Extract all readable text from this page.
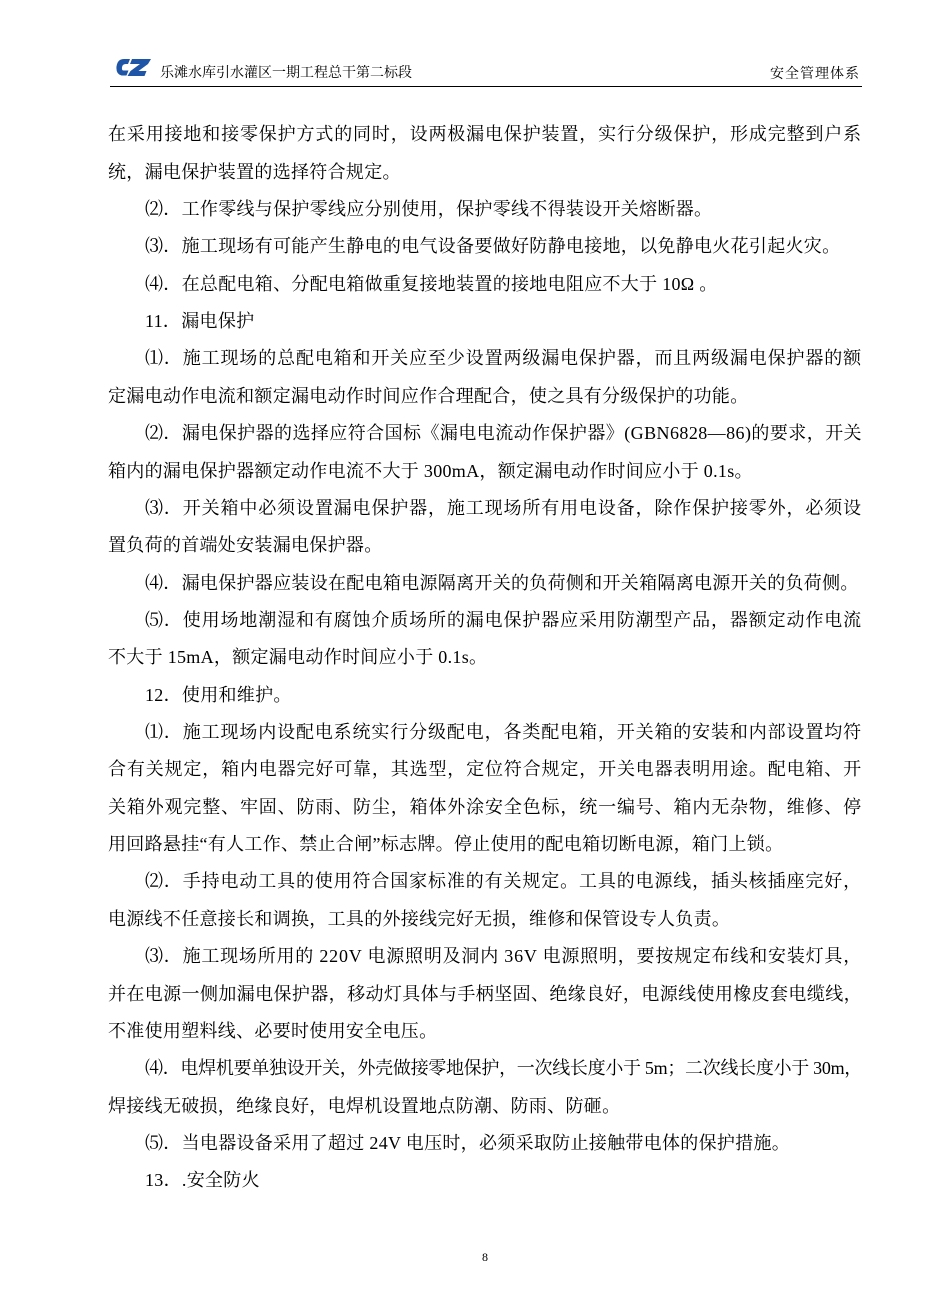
乐滩水库引水灌区一期工程总干第二标段	安全管理体系
在采用接地和接零保护方式的同时，设两极漏电保护装置，实行分级保护，形成完整到户系
统，漏电保护装置的选择符合规定。
⑵．工作零线与保护零线应分别使用，保护零线不得装设开关熔断器。
⑶．施工现场有可能产生静电的电气设备要做好防静电接地，以免静电火花引起火灾。
⑷．在总配电箱、分配电箱做重复接地装置的接地电阻应不大于 10Ω 。
11．漏电保护
⑴．施工现场的总配电箱和开关应至少设置两级漏电保护器，而且两级漏电保护器的额
定漏电动作电流和额定漏电动作时间应作合理配合，使之具有分级保护的功能。
⑵．漏电保护器的选择应符合国标《漏电电流动作保护器》(GBN6828—86)的要求，开关
箱内的漏电保护器额定动作电流不大于 300mA，额定漏电动作时间应小于 0.1s。
⑶．开关箱中必须设置漏电保护器，施工现场所有用电设备，除作保护接零外，必须设
置负荷的首端处安装漏电保护器。
⑷．漏电保护器应装设在配电箱电源隔离开关的负荷侧和开关箱隔离电源开关的负荷侧。
⑸．使用场地潮湿和有腐蚀介质场所的漏电保护器应采用防潮型产品，器额定动作电流
不大于 15mA，额定漏电动作时间应小于 0.1s。
12．使用和维护。
⑴．施工现场内设配电系统实行分级配电，各类配电箱，开关箱的安装和内部设置均符
合有关规定，箱内电器完好可靠，其选型，定位符合规定，开关电器表明用途。配电箱、开
关箱外观完整、牢固、防雨、防尘，箱体外涂安全色标，统一编号、箱内无杂物，维修、停
用回路悬挂“有人工作、禁止合闸”标志牌。停止使用的配电箱切断电源，箱门上锁。
⑵．手持电动工具的使用符合国家标准的有关规定。工具的电源线，插头核插座完好，
电源线不任意接长和调换，工具的外接线完好无损，维修和保管设专人负责。
⑶．施工现场所用的 220V 电源照明及洞内 36V 电源照明，要按规定布线和安装灯具，
并在电源一侧加漏电保护器，移动灯具体与手柄坚固、绝缘良好，电源线使用橡皮套电缆线，
不准使用塑料线、必要时使用安全电压。
⑷．电焊机要单独设开关，外壳做接零地保护，一次线长度小于 5m；二次线长度小于 30m，
焊接线无破损，绝缘良好，电焊机设置地点防潮、防雨、防砸。
⑸．当电器设备采用了超过 24V 电压时，必须采取防止接触带电体的保护措施。
13．.安全防火
8
